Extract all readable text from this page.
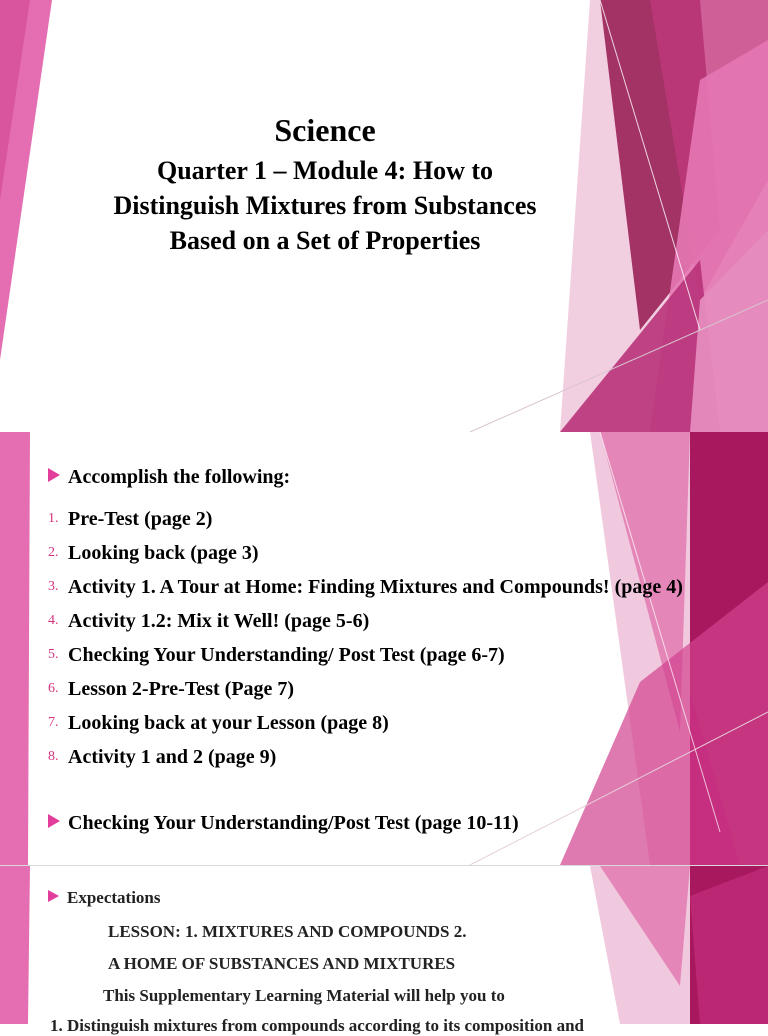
Science
Quarter 1 – Module 4: How to Distinguish Mixtures from Substances Based on a Set of Properties
Accomplish the following:
1. Pre-Test (page 2)
2. Looking back (page 3)
3. Activity 1. A Tour at Home: Finding Mixtures and Compounds! (page 4)
4. Activity 1.2: Mix it Well! (page 5-6)
5. Checking Your Understanding/ Post Test (page 6-7)
6. Lesson 2-Pre-Test (Page 7)
7. Looking back at your Lesson (page 8)
8. Activity 1 and 2 (page 9)
Checking Your Understanding/Post Test (page 10-11)
Expectations
LESSON: 1. MIXTURES AND COMPOUNDS 2.
A HOME OF SUBSTANCES AND MIXTURES
This Supplementary Learning Material will help you to
1. Distinguish mixtures from compounds according to its composition and
